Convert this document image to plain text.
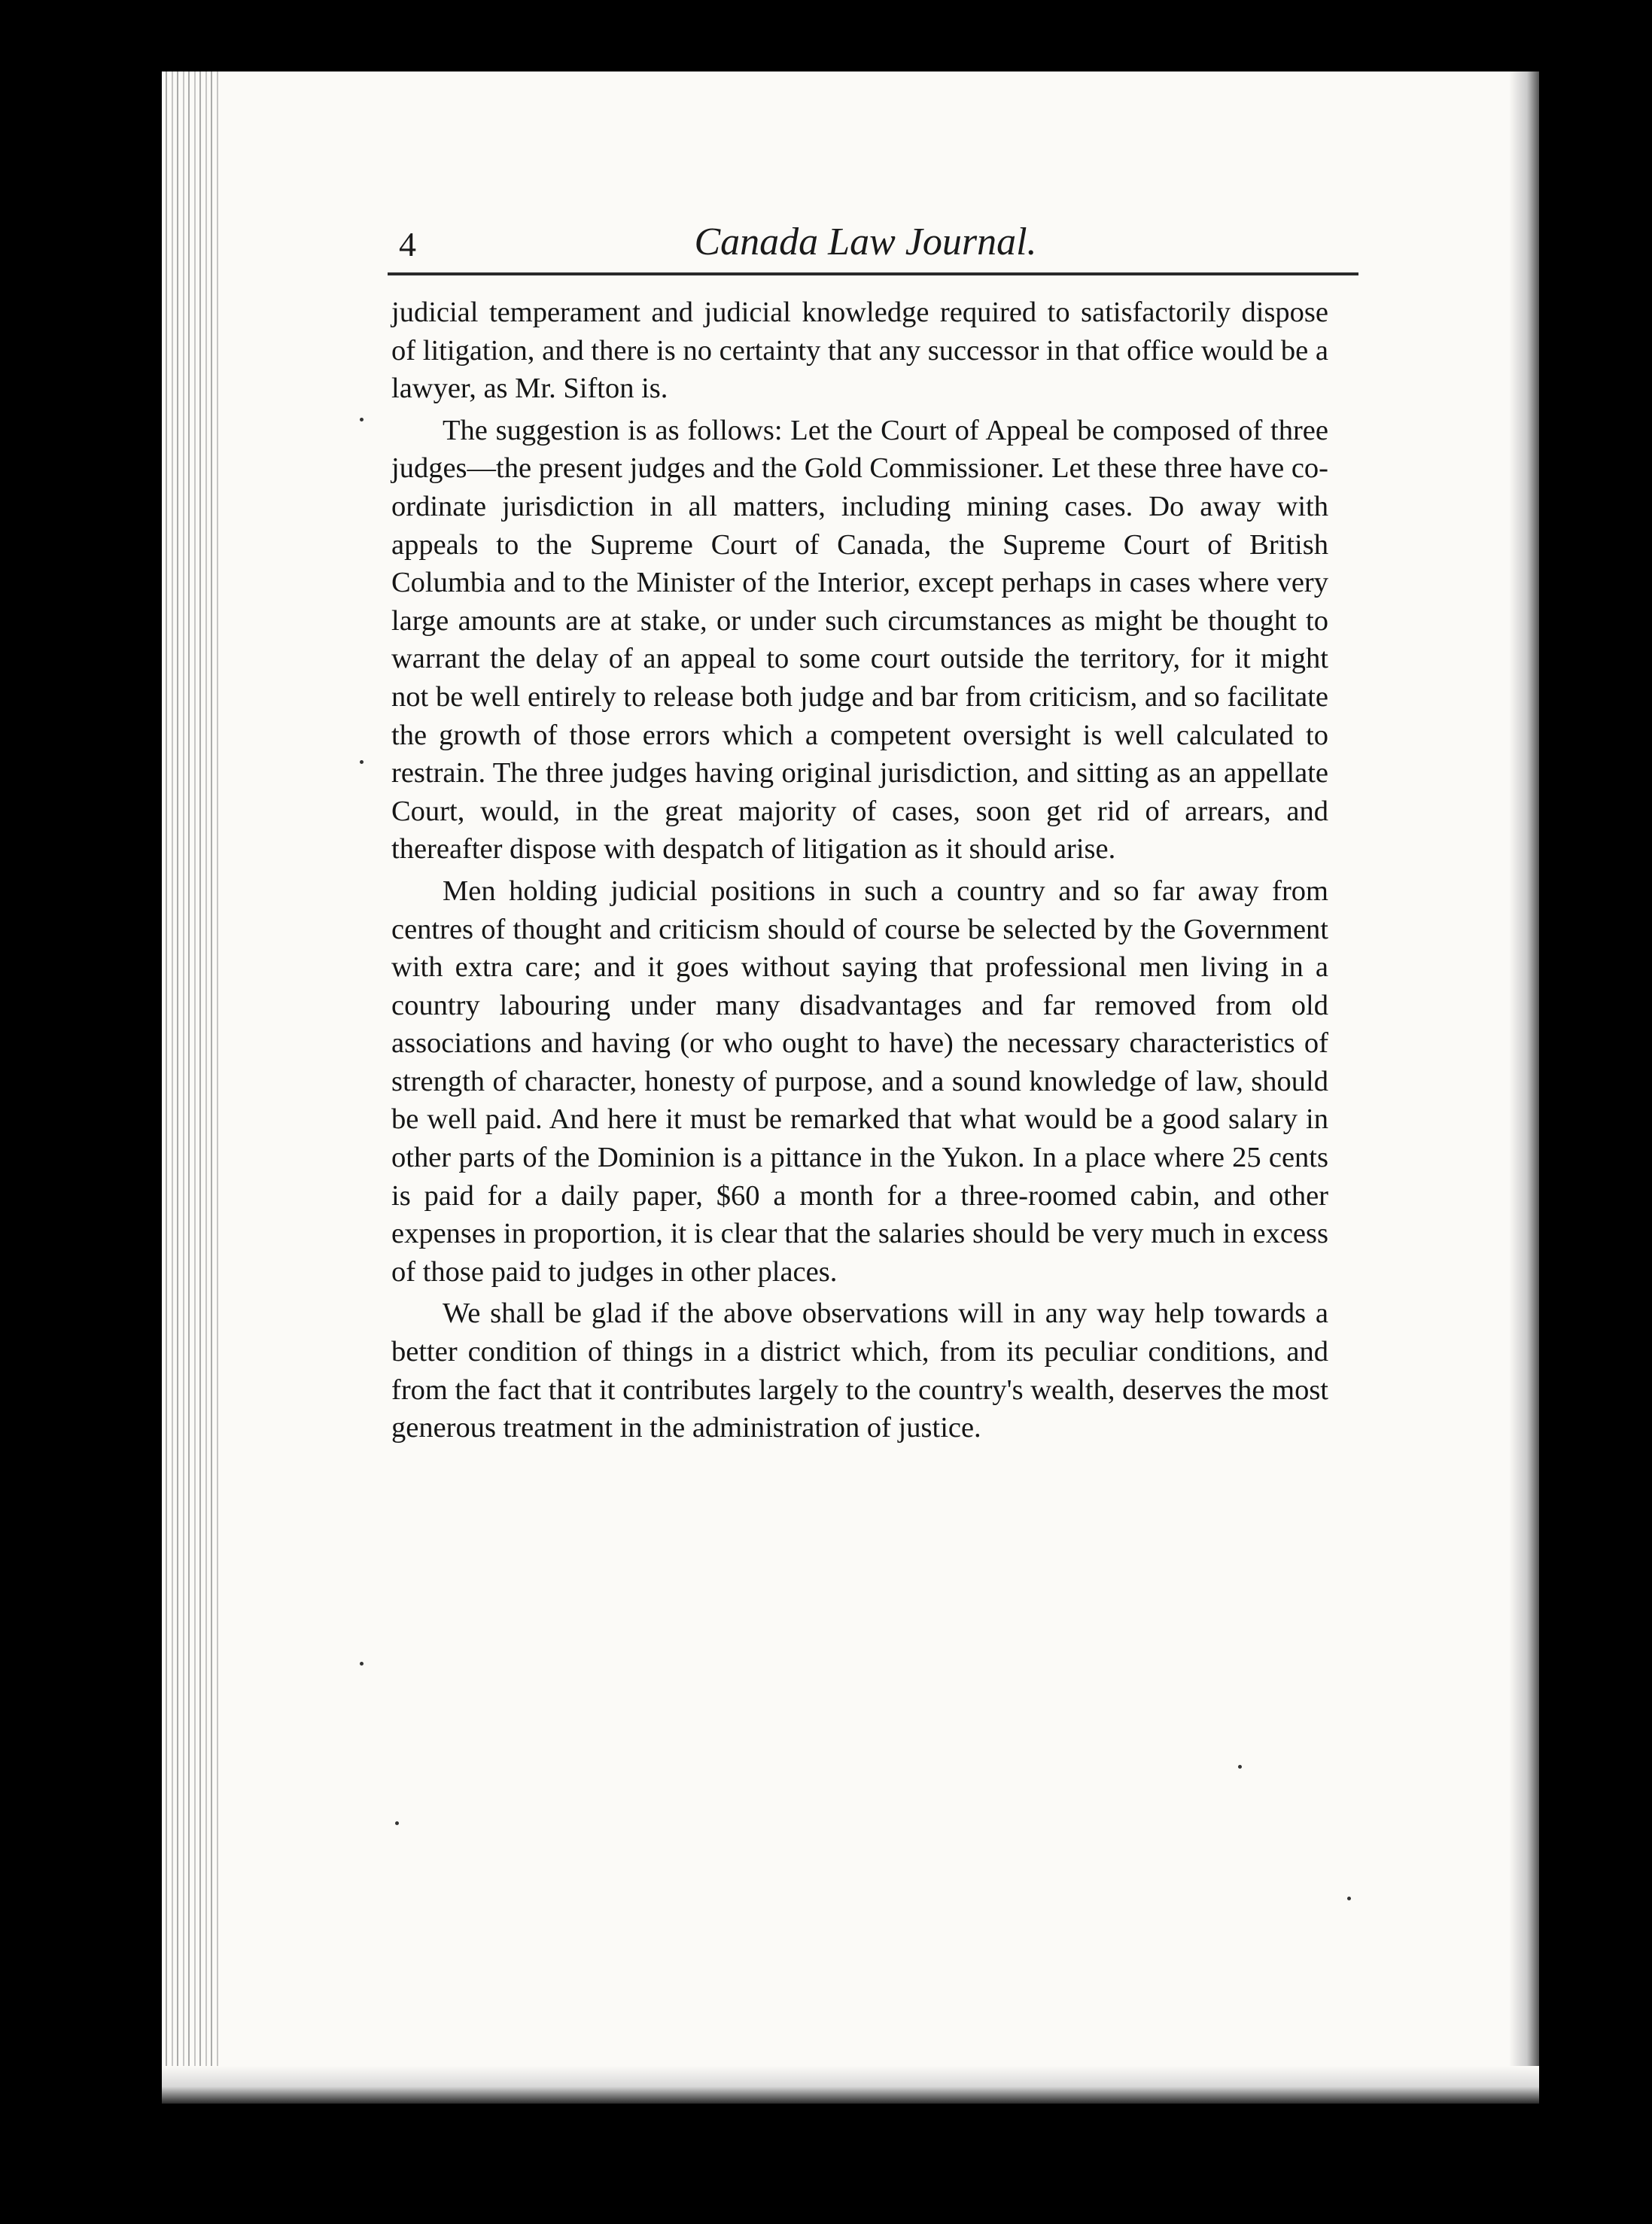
4	Canada Law Journal.

judicial temperament and judicial knowledge required to satisfactorily dispose of litigation, and there is no certainty that any successor in that office would be a lawyer, as Mr. Sifton is.

The suggestion is as follows: Let the Court of Appeal be composed of three judges—the present judges and the Gold Commissioner. Let these three have co-ordinate jurisdiction in all matters, including mining cases. Do away with appeals to the Supreme Court of Canada, the Supreme Court of British Columbia and to the Minister of the Interior, except perhaps in cases where very large amounts are at stake, or under such circumstances as might be thought to warrant the delay of an appeal to some court outside the territory, for it might not be well entirely to release both judge and bar from criticism, and so facilitate the growth of those errors which a competent oversight is well calculated to restrain. The three judges having original jurisdiction, and sitting as an appellate Court, would, in the great majority of cases, soon get rid of arrears, and thereafter dispose with despatch of litigation as it should arise.

Men holding judicial positions in such a country and so far away from centres of thought and criticism should of course be selected by the Government with extra care; and it goes without saying that professional men living in a country labouring under many disadvantages and far removed from old associations and having (or who ought to have) the necessary characteristics of strength of character, honesty of purpose, and a sound knowledge of law, should be well paid. And here it must be remarked that what would be a good salary in other parts of the Dominion is a pittance in the Yukon. In a place where 25 cents is paid for a daily paper, $60 a month for a three-roomed cabin, and other expenses in proportion, it is clear that the salaries should be very much in excess of those paid to judges in other places.

We shall be glad if the above observations will in any way help towards a better condition of things in a district which, from its peculiar conditions, and from the fact that it contributes largely to the country's wealth, deserves the most generous treatment in the administration of justice.
